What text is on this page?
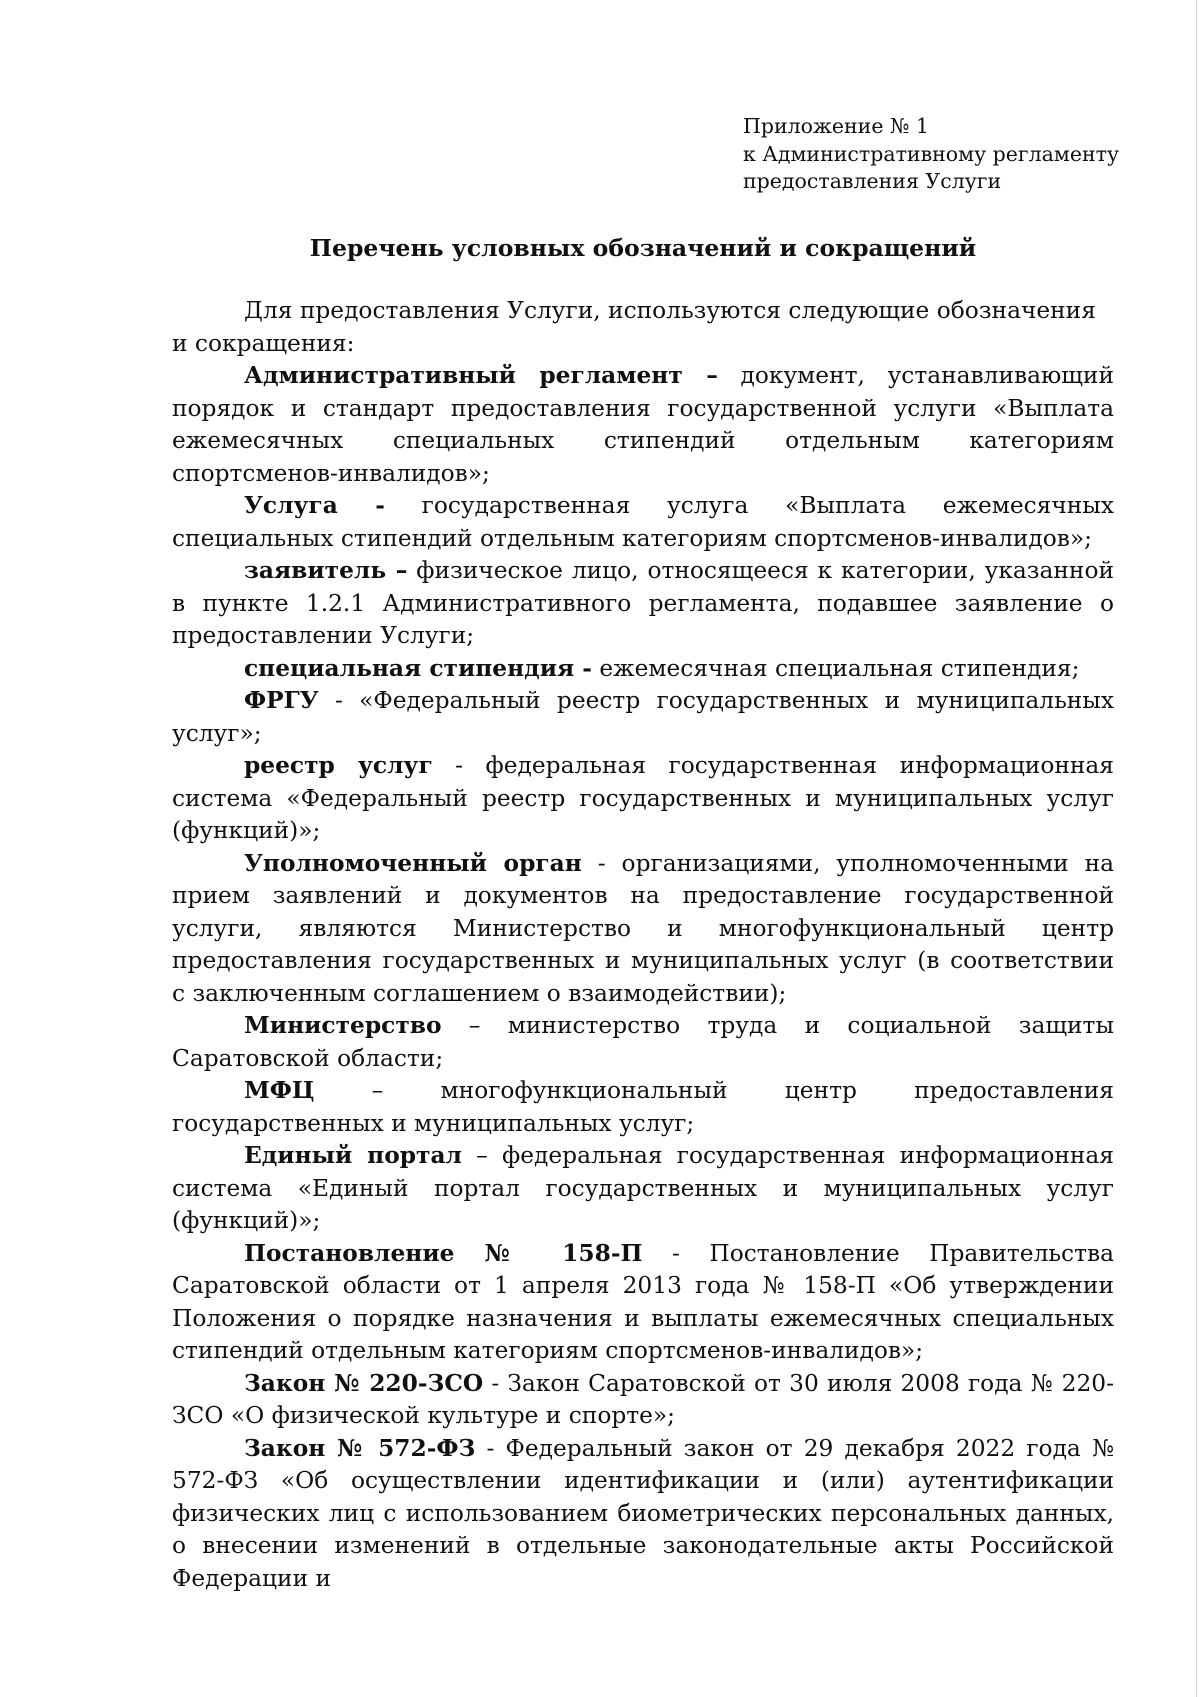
Приложение № 1
к Административному регламенту
предоставления Услуги
Перечень условных обозначений и сокращений

Для предоставления Услуги, используются следующие обозначения и сокращения:

Административный регламент – документ, устанавливающий порядок и стандарт предоставления государственной услуги «Выплата ежемесячных специальных стипендий отдельным категориям спортсменов-инвалидов»;

Услуга - государственная услуга «Выплата ежемесячных специальных стипендий отдельным категориям спортсменов-инвалидов»;

заявитель – физическое лицо, относящееся к категории, указанной в пункте 1.2.1 Административного регламента, подавшее заявление о предоставлении Услуги;

специальная стипендия - ежемесячная специальная стипендия;

ФРГУ - «Федеральный реестр государственных и муниципальных услуг»;

реестр услуг - федеральная государственная информационная система «Федеральный реестр государственных и муниципальных услуг (функций)»;

Уполномоченный орган - организациями, уполномоченными на прием заявлений и документов на предоставление государственной услуги, являются Министерство и многофункциональный центр предоставления государственных и муниципальных услуг (в соответствии с заключенным соглашением о взаимодействии);

Министерство – министерство труда и социальной защиты Саратовской области;

МФЦ – многофункциональный центр предоставления государственных и муниципальных услуг;

Единый портал – федеральная государственная информационная система «Единый портал государственных и муниципальных услуг (функций)»;

Постановление № 158-П - Постановление Правительства Саратовской области от 1 апреля 2013 года № 158-П «Об утверждении Положения о порядке назначения и выплаты ежемесячных специальных стипендий отдельным категориям спортсменов-инвалидов»;

Закон № 220-ЗСО - Закон Саратовской от 30 июля 2008 года № 220-ЗСО «О физической культуре и спорте»;

Закон № 572-ФЗ - Федеральный закон от 29 декабря 2022 года № 572-ФЗ «Об осуществлении идентификации и (или) аутентификации физических лиц с использованием биометрических персональных данных, о внесении изменений в отдельные законодательные акты Российской Федерации и
